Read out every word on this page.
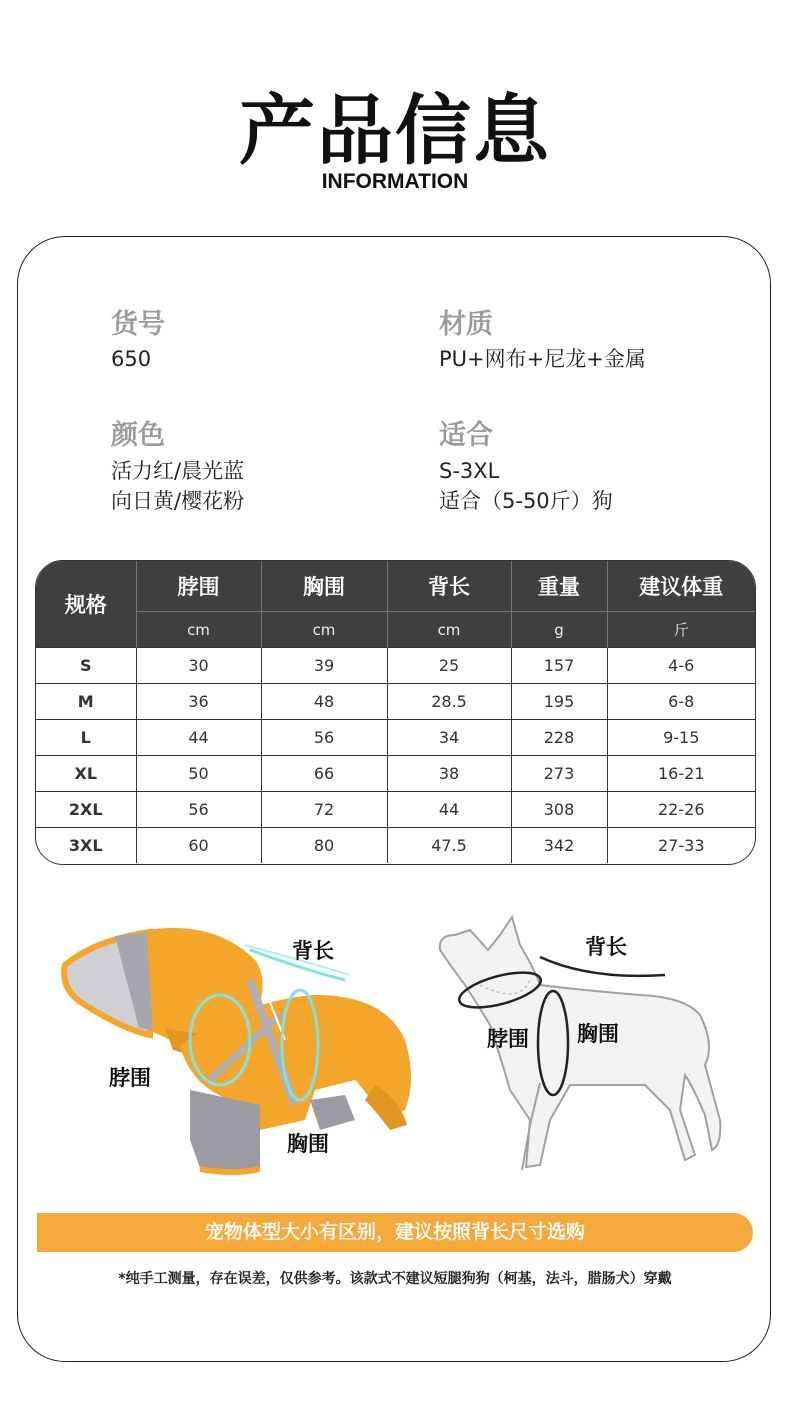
产品信息
INFORMATION
货号
650
材质
PU+网布+尼龙+金属
颜色
活力红/晨光蓝
向日黄/樱花粉
适合
S-3XL
适合（5-50斤）狗
规格	脖围	胸围	背长	重量	建议体重
	cm	cm	cm	g	斤
S	30	39	25	157	4-6
M	36	48	28.5	195	6-8
L	44	56	34	228	9-15
XL	50	66	38	273	16-21
2XL	56	72	44	308	22-26
3XL	60	80	47.5	342	27-33
背长
脖围
胸围
背长
脖围 胸围
宠物体型大小有区别，建议按照背长尺寸选购
*纯手工测量，存在误差，仅供参考。该款式不建议短腿狗狗（柯基，法斗，腊肠犬）穿戴
